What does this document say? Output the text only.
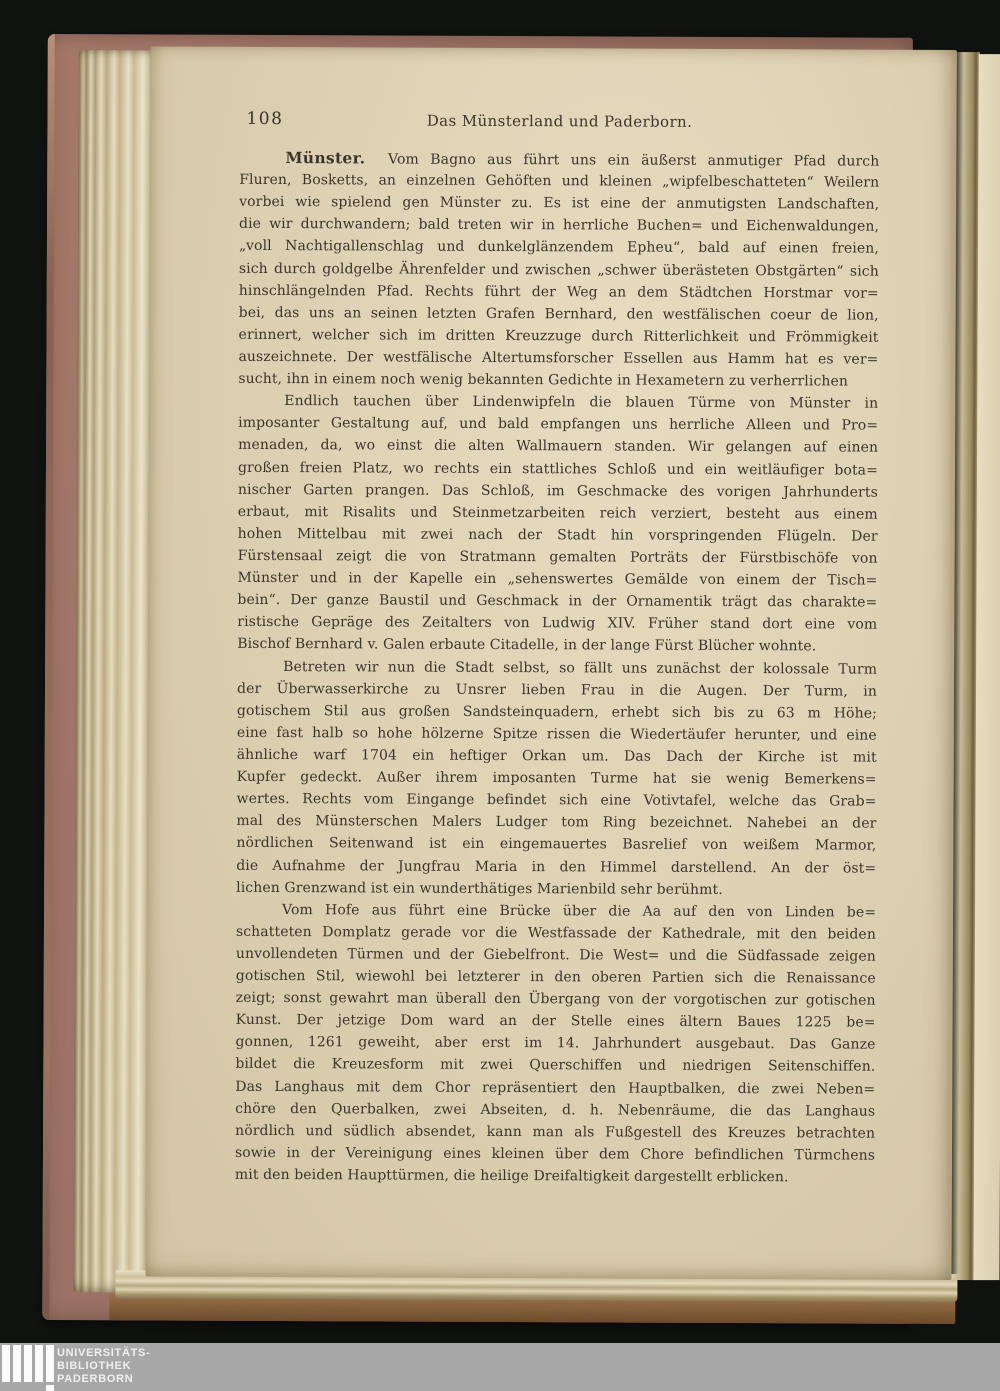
108	Das Münsterland und Paderborn.
Münster.  Vom Bagno aus führt uns ein äußerst anmutiger Pfad durch
Fluren, Bosketts, an einzelnen Gehöften und kleinen „wipfelbeschatteten“ Weilern
vorbei wie spielend gen Münster zu. Es ist eine der anmutigsten Landschaften,
die wir durchwandern; bald treten wir in herrliche Buchen= und Eichenwaldungen,
„voll Nachtigallenschlag und dunkelglänzendem Epheu“, bald auf einen freien,
sich durch goldgelbe Ährenfelder und zwischen „schwer überästeten Obstgärten“ sich
hinschlängelnden Pfad. Rechts führt der Weg an dem Städtchen Horstmar vor=
bei, das uns an seinen letzten Grafen Bernhard, den westfälischen coeur de lion,
erinnert, welcher sich im dritten Kreuzzuge durch Ritterlichkeit und Frömmigkeit
auszeichnete. Der westfälische Altertumsforscher Essellen aus Hamm hat es ver=
sucht, ihn in einem noch wenig bekannten Gedichte in Hexametern zu verherrlichen
Endlich tauchen über Lindenwipfeln die blauen Türme von Münster in
imposanter Gestaltung auf, und bald empfangen uns herrliche Alleen und Pro=
menaden, da, wo einst die alten Wallmauern standen. Wir gelangen auf einen
großen freien Platz, wo rechts ein stattliches Schloß und ein weitläufiger bota=
nischer Garten prangen. Das Schloß, im Geschmacke des vorigen Jahrhunderts
erbaut, mit Risalits und Steinmetzarbeiten reich verziert, besteht aus einem
hohen Mittelbau mit zwei nach der Stadt hin vorspringenden Flügeln. Der
Fürstensaal zeigt die von Stratmann gemalten Porträts der Fürstbischöfe von
Münster und in der Kapelle ein „sehenswertes Gemälde von einem der Tisch=
bein“. Der ganze Baustil und Geschmack in der Ornamentik trägt das charakte=
ristische Gepräge des Zeitalters von Ludwig XIV. Früher stand dort eine vom
Bischof Bernhard v. Galen erbaute Citadelle, in der lange Fürst Blücher wohnte.
Betreten wir nun die Stadt selbst, so fällt uns zunächst der kolossale Turm
der Überwasserkirche zu Unsrer lieben Frau in die Augen. Der Turm, in
gotischem Stil aus großen Sandsteinquadern, erhebt sich bis zu 63 m Höhe;
eine fast halb so hohe hölzerne Spitze rissen die Wiedertäufer herunter, und eine
ähnliche warf 1704 ein heftiger Orkan um. Das Dach der Kirche ist mit
Kupfer gedeckt. Außer ihrem imposanten Turme hat sie wenig Bemerkens=
wertes. Rechts vom Eingange befindet sich eine Votivtafel, welche das Grab=
mal des Münsterschen Malers Ludger tom Ring bezeichnet. Nahebei an der
nördlichen Seitenwand ist ein eingemauertes Basrelief von weißem Marmor,
die Aufnahme der Jungfrau Maria in den Himmel darstellend. An der öst=
lichen Grenzwand ist ein wunderthätiges Marienbild sehr berühmt.
Vom Hofe aus führt eine Brücke über die Aa auf den von Linden be=
schatteten Domplatz gerade vor die Westfassade der Kathedrale, mit den beiden
unvollendeten Türmen und der Giebelfront. Die West= und die Südfassade zeigen
gotischen Stil, wiewohl bei letzterer in den oberen Partien sich die Renaissance
zeigt; sonst gewahrt man überall den Übergang von der vorgotischen zur gotischen
Kunst. Der jetzige Dom ward an der Stelle eines ältern Baues 1225 be=
gonnen, 1261 geweiht, aber erst im 14. Jahrhundert ausgebaut. Das Ganze
bildet die Kreuzesform mit zwei Querschiffen und niedrigen Seitenschiffen.
Das Langhaus mit dem Chor repräsentiert den Hauptbalken, die zwei Neben=
chöre den Querbalken, zwei Abseiten, d. h. Nebenräume, die das Langhaus
nördlich und südlich absendet, kann man als Fußgestell des Kreuzes betrachten
sowie in der Vereinigung eines kleinen über dem Chore befindlichen Türmchens
mit den beiden Haupttürmen, die heilige Dreifaltigkeit dargestellt erblicken.
UNIVERSITÄTS-
BIBLIOTHEK
PADERBORN
